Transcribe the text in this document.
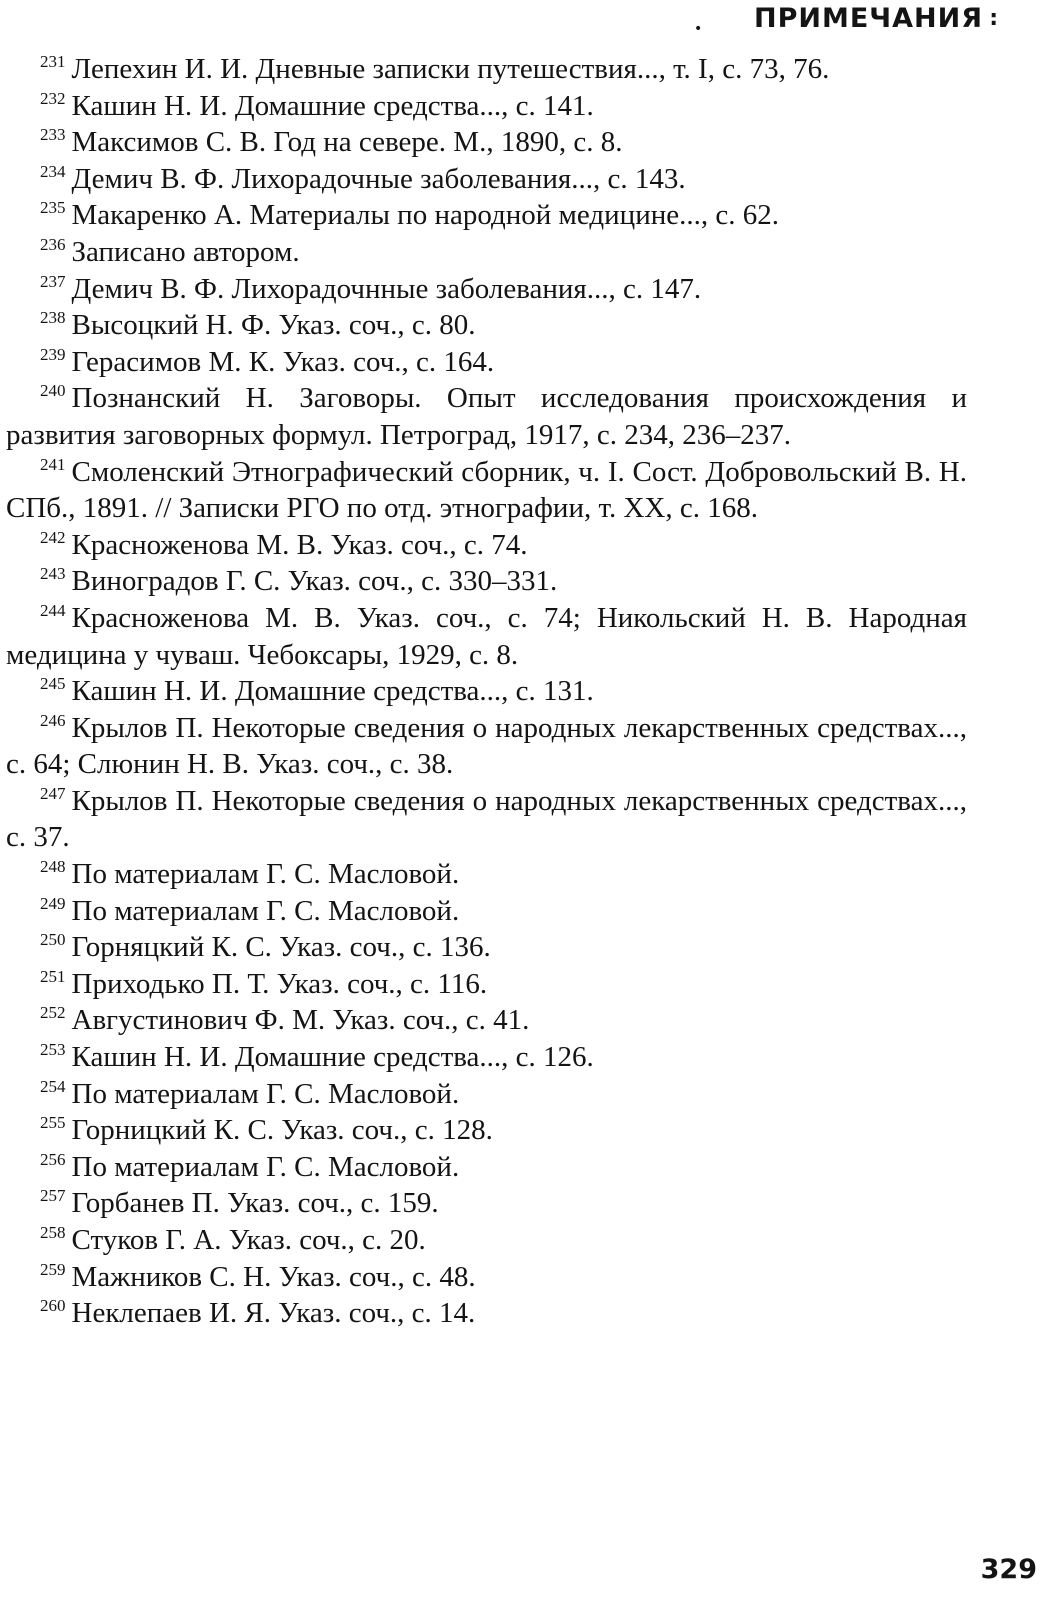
• ПРИМЕЧАНИЯ :

$^{231}$ Лепехин И. И. Дневные записки путешествия..., т. I, с. 73, 76.

$^{232}$ Кашин Н. И. Домашние средства..., с. 141.

$^{233}$ Максимов С. В. Год на севере. М., 1890, с. 8.

$^{234}$ Демич В. Ф. Лихорадочные заболевания..., с. 143.

$^{235}$ Макаренко А. Материалы по народной медицине..., с. 62.

$^{236}$ Записано автором.

$^{237}$ Демич В. Ф. Лихорадочнные заболевания..., с. 147.

$^{238}$ Высоцкий Н. Ф. Указ. соч., с. 80.

$^{239}$ Герасимов М. К. Указ. соч., с. 164.

$^{240}$ Познанский Н. Заговоры. Опыт исследования происхождения и развития заговорных формул. Петроград, 1917, с. 234, 236–237.

$^{241}$ Смоленский Этнографический сборник, ч. I. Сост. Добровольский В. Н. СПб., 1891. // Записки РГО по отд. этнографии, т. XX, с. 168.

$^{242}$ Красноженова М. В. Указ. соч., с. 74.

$^{243}$ Виноградов Г. С. Указ. соч., с. 330–331.

$^{244}$ Красноженова М. В. Указ. соч., с. 74; Никольский Н. В. Народная медицина у чуваш. Чебоксары, 1929, с. 8.

$^{245}$ Кашин Н. И. Домашние средства..., с. 131.

$^{246}$ Крылов П. Некоторые сведения о народных лекарственных средствах..., с. 64; Слюнин Н. В. Указ. соч., с. 38.

$^{247}$ Крылов П. Некоторые сведения о народных лекарственных средствах..., с. 37.

$^{248}$ По материалам Г. С. Масловой.

$^{249}$ По материалам Г. С. Масловой.

$^{250}$ Горняцкий К. С. Указ. соч., с. 136.

$^{251}$ Приходько П. Т. Указ. соч., с. 116.

$^{252}$ Августинович Ф. М. Указ. соч., с. 41.

$^{253}$ Кашин Н. И. Домашние средства..., с. 126.

$^{254}$ По материалам Г. С. Масловой.

$^{255}$ Горницкий К. С. Указ. соч., с. 128.

$^{256}$ По материалам Г. С. Масловой.

$^{257}$ Горбанев П. Указ. соч., с. 159.

$^{258}$ Стуков Г. А. Указ. соч., с. 20.

$^{259}$ Мажников С. Н. Указ. соч., с. 48.

$^{260}$ Неклепаев И. Я. Указ. соч., с. 14.

329
